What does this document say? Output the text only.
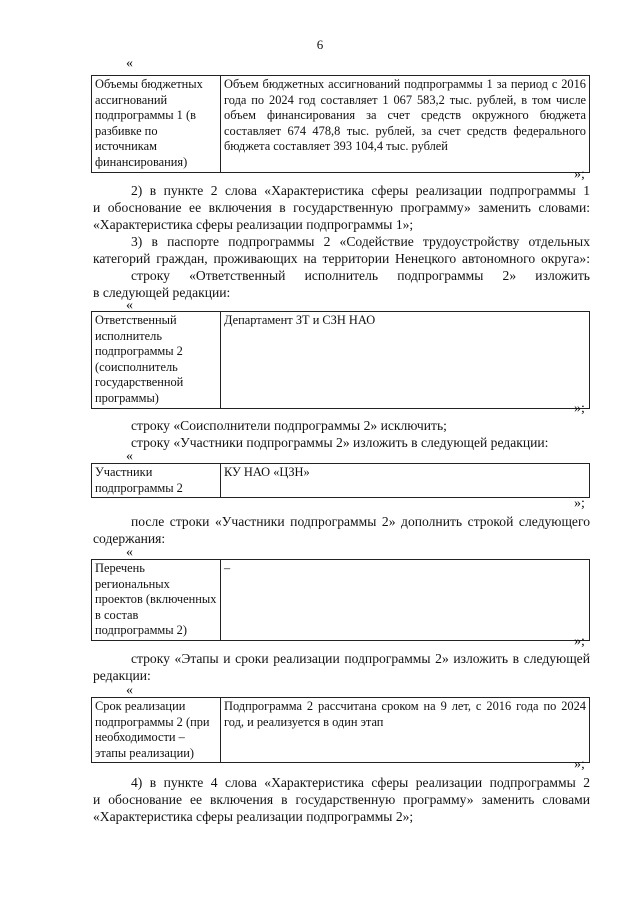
6
«
Объемы бюджетных ассигнований подпрограммы 1 (в разбивке по источникам финансирования)	Объем бюджетных ассигнований подпрограммы 1 за период с 2016 года по 2024 год составляет 1 067 583,2 тыс. рублей, в том числе объем финансирования за счет средств окружного бюджета составляет 674 478,8 тыс. рублей, за счет средств федерального бюджета составляет 393 104,4 тыс. рублей
»;
2) в пункте 2 слова «Характеристика сферы реализации подпрограммы 1
и обоснование ее включения в государственную программу» заменить словами:
«Характеристика сферы реализации подпрограммы 1»;
3) в паспорте подпрограммы 2 «Содействие трудоустройству отдельных
категорий граждан, проживающих на территории Ненецкого автономного округа»:
строку «Ответственный исполнитель подпрограммы 2» изложить
в следующей редакции:
«
Ответственный исполнитель подпрограммы 2 (соисполнитель государственной программы)	Департамент ЗТ и СЗН НАО
»;
строку «Соисполнители подпрограммы 2» исключить;
строку «Участники подпрограммы 2» изложить в следующей редакции:
«
Участники подпрограммы 2	КУ НАО «ЦЗН»
»;
после строки «Участники подпрограммы 2» дополнить строкой следующего
содержания:
«
Перечень региональных проектов (включенных в состав подпрограммы 2)	–
»;
строку «Этапы и сроки реализации подпрограммы 2» изложить в следующей
редакции:
«
Срок реализации подпрограммы 2 (при необходимости – этапы реализации)	Подпрограмма 2 рассчитана сроком на 9 лет, с 2016 года по 2024 год, и реализуется в один этап
»;
4) в пункте 4 слова «Характеристика сферы реализации подпрограммы 2
и обоснование ее включения в государственную программу» заменить словами
«Характеристика сферы реализации подпрограммы 2»;
